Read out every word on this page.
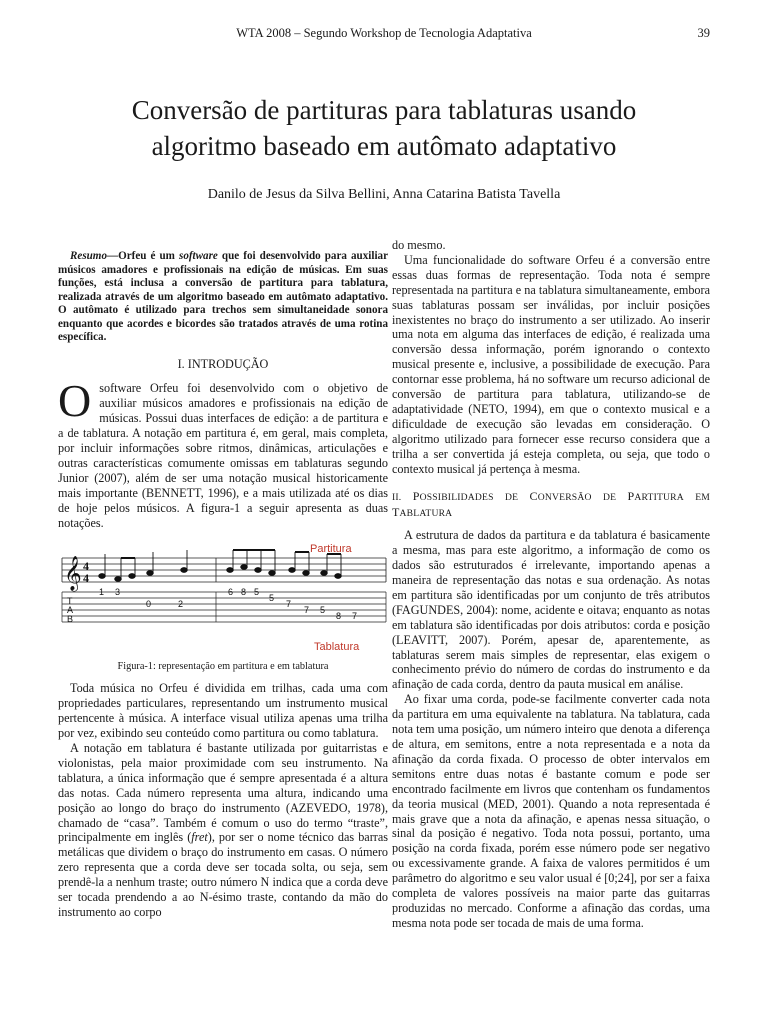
WTA 2008 – Segundo Workshop de Tecnologia Adaptativa	39
Conversão de partituras para tablaturas usando
algoritmo baseado em autômato adaptativo
Danilo de Jesus da Silva Bellini, Anna Catarina Batista Tavella

Resumo—Orfeu é um software que foi desenvolvido para auxiliar músicos amadores e profissionais na edição de músicas. Em suas funções, está inclusa a conversão de partitura para tablatura, realizada através de um algoritmo baseado em autômato adaptativo. O autômato é utilizado para trechos sem simultaneidade sonora enquanto que acordes e bicordes são tratados através de uma rotina específica.

I. INTRODUÇÃO

Osoftware Orfeu foi desenvolvido com o objetivo de auxiliar músicos amadores e profissionais na edição de músicas. Possui duas interfaces de edição: a de partitura e a de tablatura. A notação em partitura é, em geral, mais completa, por incluir informações sobre ritmos, dinâmicas, articulações e outras características comumente omissas em tablaturas segundo Junior (2007), além de ser uma notação musical historicamente mais importante (BENNETT, 1996), e a mais utilizada até os dias de hoje pelos músicos. A figura-1 a seguir apresenta as duas notações.

Partitura
𝄞 4
4
T
A
B
1 3
0	2
6 8 5
5
7
7 5
8 7
Tablatura

Figura-1: representação em partitura e em tablatura

Toda música no Orfeu é dividida em trilhas, cada uma com propriedades particulares, representando um instrumento musical pertencente à música. A interface visual utiliza apenas uma trilha por vez, exibindo seu conteúdo como partitura ou como tablatura.

A notação em tablatura é bastante utilizada por guitarristas e violonistas, pela maior proximidade com seu instrumento. Na tablatura, a única informação que é sempre apresentada é a altura das notas. Cada número representa uma altura, indicando uma posição ao longo do braço do instrumento (AZEVEDO, 1978), chamado de “casa”. Também é comum o uso do termo “traste”, principalmente em inglês (fret), por ser o nome técnico das barras metálicas que dividem o braço do instrumento em casas. O número zero representa que a corda deve ser tocada solta, ou seja, sem prendê-la a nenhum traste; outro número N indica que a corda deve ser tocada prendendo a ao N-ésimo traste, contando da mão do instrumento ao corpo

do mesmo.

Uma funcionalidade do software Orfeu é a conversão entre essas duas formas de representação. Toda nota é sempre representada na partitura e na tablatura simultaneamente, embora suas tablaturas possam ser inválidas, por incluir posições inexistentes no braço do instrumento a ser utilizado. Ao inserir uma nota em alguma das interfaces de edição, é realizada uma conversão dessa informação, porém ignorando o contexto musical presente e, inclusive, a possibilidade de execução. Para contornar esse problema, há no software um recurso adicional de conversão de partitura para tablatura, utilizando-se de adaptatividade (NETO, 1994), em que o contexto musical e a dificuldade de execução são levadas em consideração. O algoritmo utilizado para fornecer esse recurso considera que a trilha a ser convertida já esteja completa, ou seja, que todo o contexto musical já pertença à mesma.

II. POSSIBILIDADES DE CONVERSÃO DE PARTITURA EM TABLATURA

A estrutura de dados da partitura e da tablatura é basicamente a mesma, mas para este algoritmo, a informação de como os dados são estruturados é irrelevante, importando apenas a maneira de representação das notas e sua ordenação. As notas em partitura são identificadas por um conjunto de três atributos (FAGUNDES, 2004): nome, acidente e oitava; enquanto as notas em tablatura são identificadas por dois atributos: corda e posição (LEAVITT, 2007). Porém, apesar de, aparentemente, as tablaturas serem mais simples de representar, elas exigem o conhecimento prévio do número de cordas do instrumento e da afinação de cada corda, dentro da pauta musical em análise.

Ao fixar uma corda, pode-se facilmente converter cada nota da partitura em uma equivalente na tablatura. Na tablatura, cada nota tem uma posição, um número inteiro que denota a diferença de altura, em semitons, entre a nota representada e a nota da afinação da corda fixada. O processo de obter intervalos em semitons entre duas notas é bastante comum e pode ser encontrado facilmente em livros que contenham os fundamentos da teoria musical (MED, 2001). Quando a nota representada é mais grave que a nota da afinação, e apenas nessa situação, o sinal da posição é negativo. Toda nota possui, portanto, uma posição na corda fixada, porém esse número pode ser negativo ou excessivamente grande. A faixa de valores permitidos é um parâmetro do algoritmo e seu valor usual é [0;24], por ser a faixa completa de valores possíveis na maior parte das guitarras produzidas no mercado. Conforme a afinação das cordas, uma mesma nota pode ser tocada de mais de uma forma.
